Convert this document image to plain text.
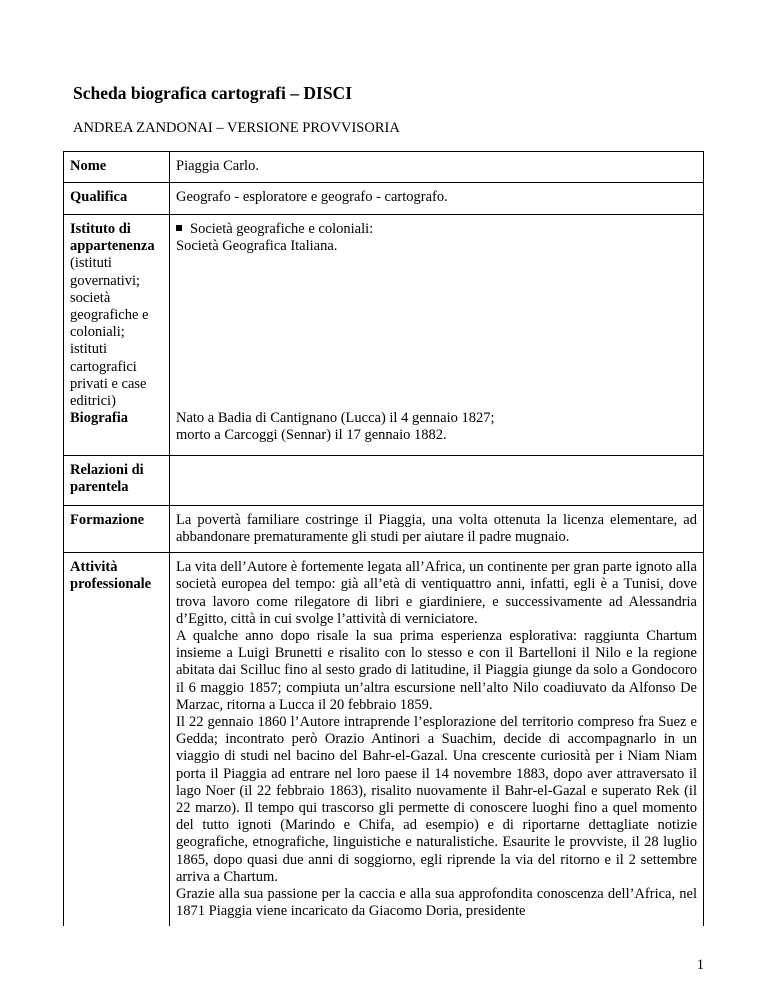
Scheda biografica cartografi – DISCI

ANDREA ZANDONAI – VERSIONE PROVVISORIA

Nome	Piaggia Carlo.

Qualifica	Geografo - esploratore e geografo - cartografo.

Istituto di appartenenza
(istituti governativi; società geografiche e coloniali; istituti cartografici privati e case editrici)	Società geografiche e coloniali:
Società Geografica Italiana.

Biografia	Nato a Badia di Cantignano (Lucca) il 4 gennaio 1827;
morto a Carcoggi (Sennar) il 17 gennaio 1882.

Relazioni di parentela	

Formazione	La povertà familiare costringe il Piaggia, una volta ottenuta la licenza elementare, ad abbandonare prematuramente gli studi per aiutare il padre mugnaio.

Attività professionale	La vita dell’Autore è fortemente legata all’Africa, un continente per gran parte ignoto alla società europea del tempo: già all’età di ventiquattro anni, infatti, egli è a Tunisi, dove trova lavoro come rilegatore di libri e giardiniere, e successivamente ad Alessandria d’Egitto, città in cui svolge l’attività di verniciatore.

A qualche anno dopo risale la sua prima esperienza esplorativa: raggiunta Chartum insieme a Luigi Brunetti e risalito con lo stesso e con il Bartelloni il Nilo e la regione abitata dai Scilluc fino al sesto grado di latitudine, il Piaggia giunge da solo a Gondocoro il 6 maggio 1857; compiuta un’altra escursione nell’alto Nilo coadiuvato da Alfonso De Marzac, ritorna a Lucca il 20 febbraio 1859.

Il 22 gennaio 1860 l’Autore intraprende l’esplorazione del territorio compreso fra Suez e Gedda; incontrato però Orazio Antinori a Suachim, decide di accompagnarlo in un viaggio di studi nel bacino del Bahr-el-Gazal. Una crescente curiosità per i Niam Niam porta il Piaggia ad entrare nel loro paese il 14 novembre 1883, dopo aver attraversato il lago Noer (il 22 febbraio 1863), risalito nuovamente il Bahr-el-Gazal e superato Rek (il 22 marzo). Il tempo qui trascorso gli permette di conoscere luoghi fino a quel momento del tutto ignoti (Marindo e Chifa, ad esempio) e di riportarne dettagliate notizie geografiche, etnografiche, linguistiche e naturalistiche. Esaurite le provviste, il 28 luglio 1865, dopo quasi due anni di soggiorno, egli riprende la via del ritorno e il 2 settembre arriva a Chartum.

Grazie alla sua passione per la caccia e alla sua approfondita conoscenza dell’Africa, nel 1871 Piaggia viene incaricato da Giacomo Doria, presidente

1
